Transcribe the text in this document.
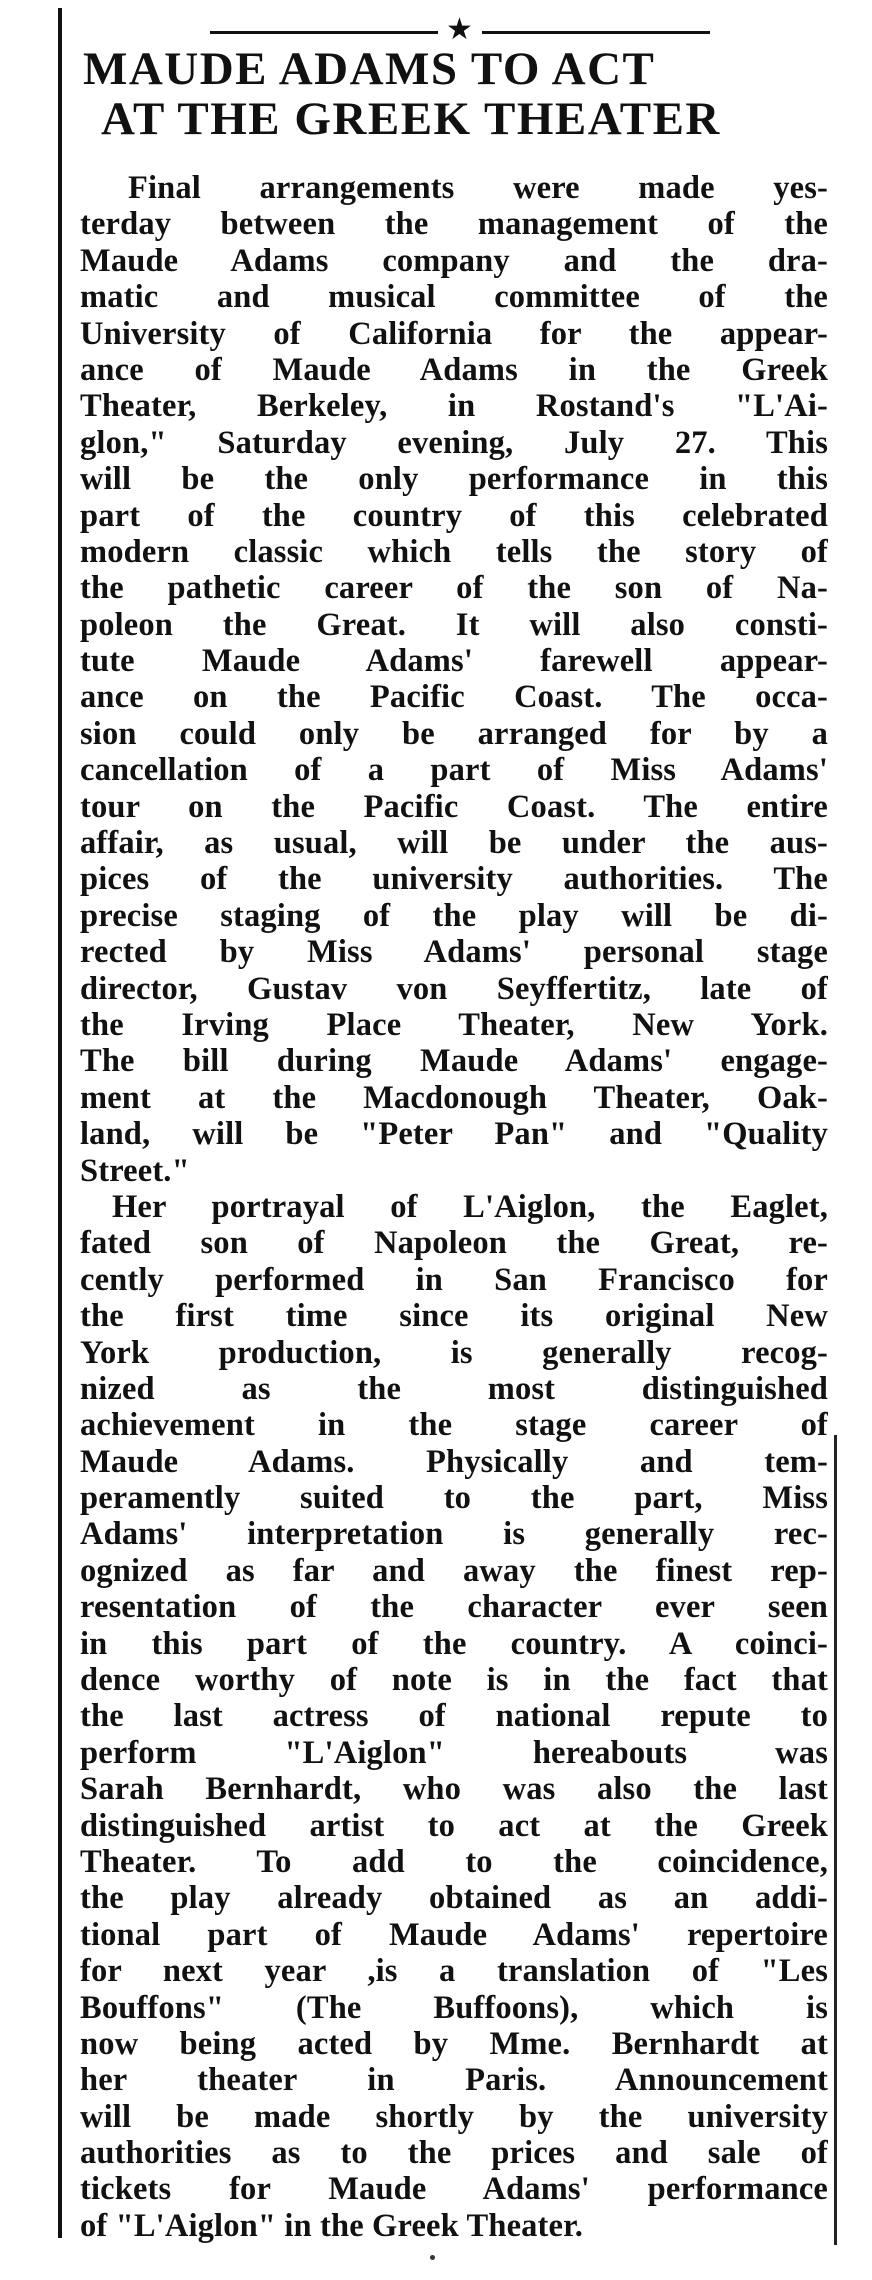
★
MAUDE ADAMS TO ACT
AT THE GREEK THEATER
Final arrangements were made yes-
terday between the management of the
Maude Adams company and the dra-
matic and musical committee of the
University of California for the appear-
ance of Maude Adams in the Greek
Theater, Berkeley, in Rostand's "L'Ai-
glon," Saturday evening, July 27. This
will be the only performance in this
part of the country of this celebrated
modern classic which tells the story of
the pathetic career of the son of Na-
poleon the Great. It will also consti-
tute Maude Adams' farewell appear-
ance on the Pacific Coast. The occa-
sion could only be arranged for by a
cancellation of a part of Miss Adams'
tour on the Pacific Coast. The entire
affair, as usual, will be under the aus-
pices of the university authorities. The
precise staging of the play will be di-
rected by Miss Adams' personal stage
director, Gustav von Seyffertitz, late of
the Irving Place Theater, New York.
The bill during Maude Adams' engage-
ment at the Macdonough Theater, Oak-
land, will be "Peter Pan" and "Quality
Street."
Her portrayal of L'Aiglon, the Eaglet,
fated son of Napoleon the Great, re-
cently performed in San Francisco for
the first time since its original New
York production, is generally recog-
nized as the most distinguished
achievement in the stage career of
Maude Adams. Physically and tem-
peramently suited to the part, Miss
Adams' interpretation is generally rec-
ognized as far and away the finest rep-
resentation of the character ever seen
in this part of the country. A coinci-
dence worthy of note is in the fact that
the last actress of national repute to
perform "L'Aiglon" hereabouts was
Sarah Bernhardt, who was also the last
distinguished artist to act at the Greek
Theater. To add to the coincidence,
the play already obtained as an addi-
tional part of Maude Adams' repertoire
for next year ,is a translation of "Les
Bouffons" (The Buffoons), which is
now being acted by Mme. Bernhardt at
her theater in Paris. Announcement
will be made shortly by the university
authorities as to the prices and sale of
tickets for Maude Adams' performance
of "L'Aiglon" in the Greek Theater.
